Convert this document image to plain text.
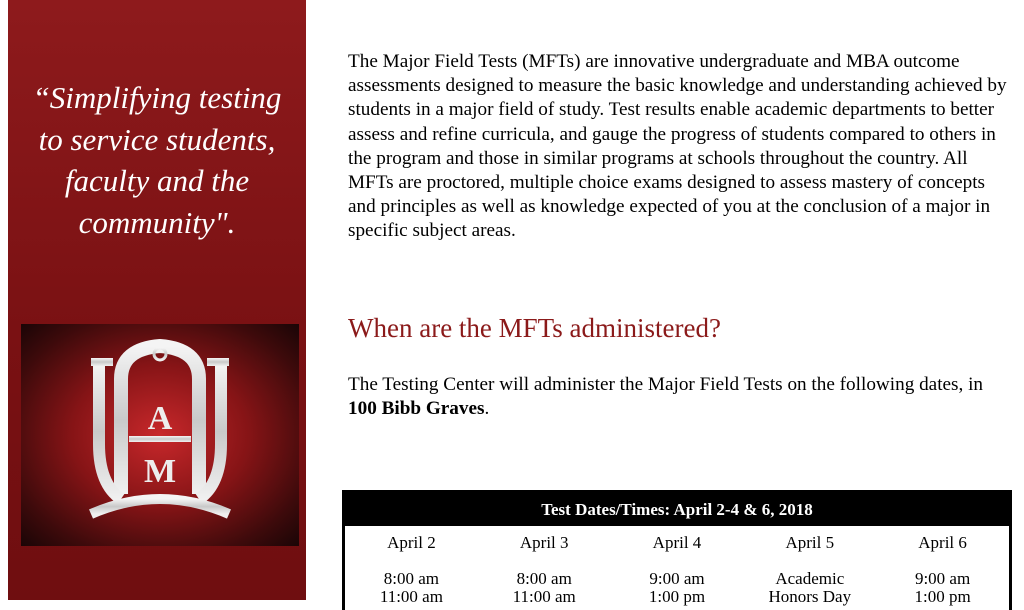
“Simplifying testing
to service students,
faculty and the
community".
A
M
The Major Field Tests (MFTs) are innovative undergraduate and MBA outcome assessments designed to measure the basic knowledge and understanding achieved by students in a major field of study. Test results enable academic departments to better assess and refine curricula, and gauge the progress of students compared to others in the program and those in similar programs at schools throughout the country. All MFTs are proctored, multiple choice exams designed to assess mastery of concepts and principles as well as knowledge expected of you at the conclusion of a major in specific subject areas.
When are the MFTs administered?
The Testing Center will administer the Major Field Tests on the following dates, in 100 Bibb Graves.
Test Dates/Times: April 2-4 & 6, 2018
April 2
8:00 am
11:00 am
April 3
8:00 am
11:00 am
April 4
9:00 am
1:00 pm
April 5
Academic
Honors Day
April 6
9:00 am
1:00 pm
